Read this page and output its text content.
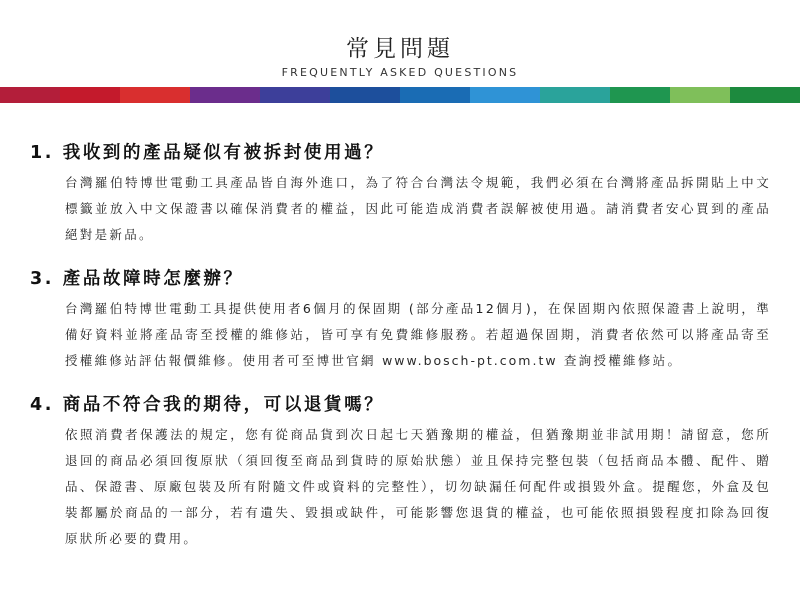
常見問題
FREQUENTLY ASKED QUESTIONS
1. 我收到的產品疑似有被拆封使用過？
台灣羅伯特博世電動工具產品皆自海外進口，為了符合台灣法令規範，我們必須在台灣將產品拆開貼上中文標籤並放入中文保證書以確保消費者的權益，因此可能造成消費者誤解被使用過。請消費者安心買到的產品絕對是新品。
3. 產品故障時怎麼辦？
台灣羅伯特博世電動工具提供使用者6個月的保固期 (部分產品12個月)，在保固期內依照保證書上說明，準備好資料並將產品寄至授權的維修站，皆可享有免費維修服務。若超過保固期，消費者依然可以將產品寄至授權維修站評估報價維修。使用者可至博世官網 www.bosch-pt.com.tw 查詢授權維修站。
4. 商品不符合我的期待，可以退貨嗎？
依照消費者保護法的規定，您有從商品貨到次日起七天猶豫期的權益，但猶豫期並非試用期！請留意，您所退回的商品必須回復原狀（須回復至商品到貨時的原始狀態）並且保持完整包裝（包括商品本體、配件、贈品、保證書、原廠包裝及所有附隨文件或資料的完整性），切勿缺漏任何配件或損毀外盒。提醒您，外盒及包裝都屬於商品的一部分，若有遺失、毀損或缺件，可能影響您退貨的權益，也可能依照損毀程度扣除為回復原狀所必要的費用。
